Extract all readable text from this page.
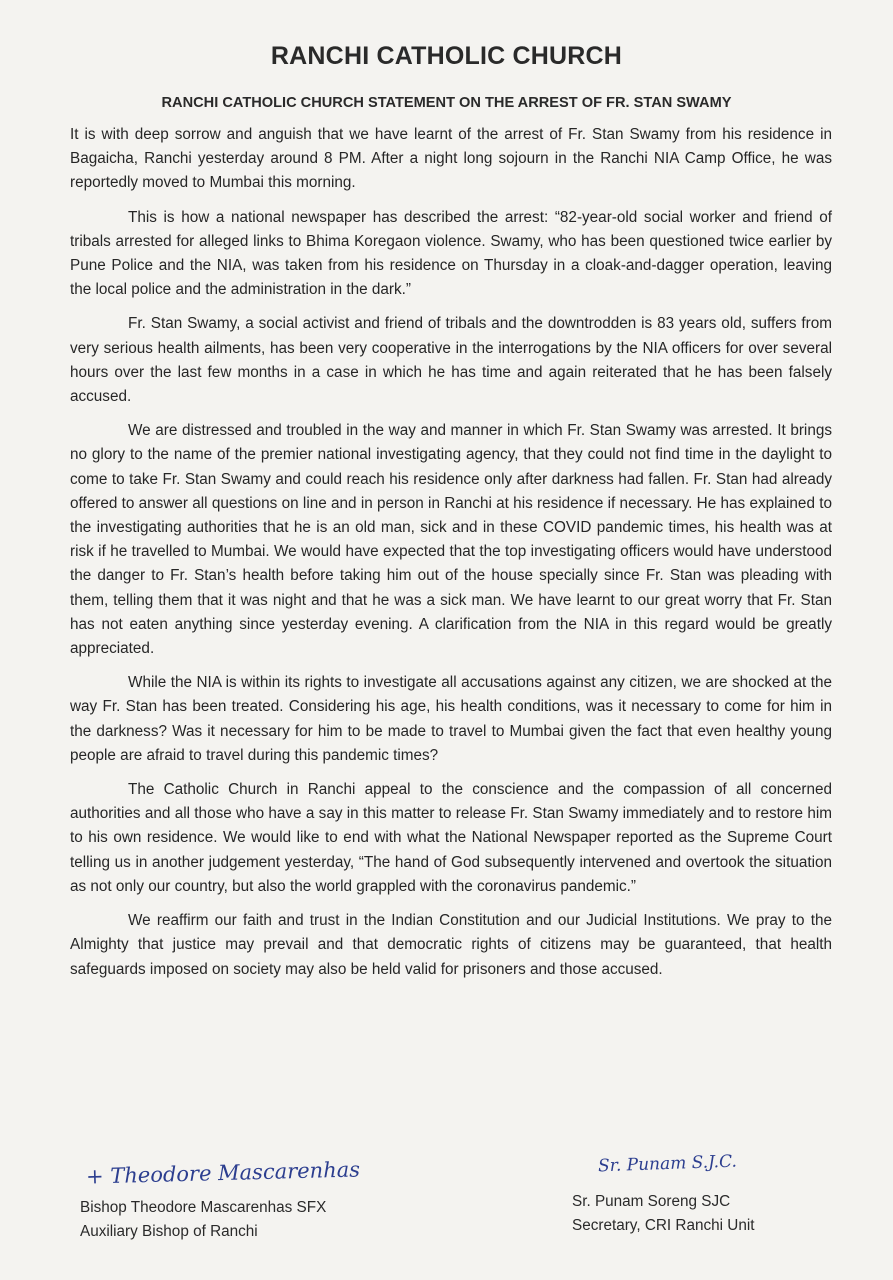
RANCHI CATHOLIC CHURCH
RANCHI CATHOLIC CHURCH STATEMENT ON THE ARREST OF FR. STAN SWAMY

It is with deep sorrow and anguish that we have learnt of the arrest of Fr. Stan Swamy from his residence in Bagaicha, Ranchi yesterday around 8 PM. After a night long sojourn in the Ranchi NIA Camp Office, he was reportedly moved to Mumbai this morning.

This is how a national newspaper has described the arrest: “82-year-old social worker and friend of tribals arrested for alleged links to Bhima Koregaon violence. Swamy, who has been questioned twice earlier by Pune Police and the NIA, was taken from his residence on Thursday in a cloak-and-dagger operation, leaving the local police and the administration in the dark.”

Fr. Stan Swamy, a social activist and friend of tribals and the downtrodden is 83 years old, suffers from very serious health ailments, has been very cooperative in the interrogations by the NIA officers for over several hours over the last few months in a case in which he has time and again reiterated that he has been falsely accused.

We are distressed and troubled in the way and manner in which Fr. Stan Swamy was arrested. It brings no glory to the name of the premier national investigating agency, that they could not find time in the daylight to come to take Fr. Stan Swamy and could reach his residence only after darkness had fallen. Fr. Stan had already offered to answer all questions on line and in person in Ranchi at his residence if necessary. He has explained to the investigating authorities that he is an old man, sick and in these COVID pandemic times, his health was at risk if he travelled to Mumbai. We would have expected that the top investigating officers would have understood the danger to Fr. Stan’s health before taking him out of the house specially since Fr. Stan was pleading with them, telling them that it was night and that he was a sick man. We have learnt to our great worry that Fr. Stan has not eaten anything since yesterday evening. A clarification from the NIA in this regard would be greatly appreciated.

While the NIA is within its rights to investigate all accusations against any citizen, we are shocked at the way Fr. Stan has been treated. Considering his age, his health conditions, was it necessary to come for him in the darkness? Was it necessary for him to be made to travel to Mumbai given the fact that even healthy young people are afraid to travel during this pandemic times?

The Catholic Church in Ranchi appeal to the conscience and the compassion of all concerned authorities and all those who have a say in this matter to release Fr. Stan Swamy immediately and to restore him to his own residence. We would like to end with what the National Newspaper reported as the Supreme Court telling us in another judgement yesterday, “The hand of God subsequently intervened and overtook the situation as not only our country, but also the world grappled with the coronavirus pandemic.”

We reaffirm our faith and trust in the Indian Constitution and our Judicial Institutions. We pray to the Almighty that justice may prevail and that democratic rights of citizens may be guaranteed, that health safeguards imposed on society may also be held valid for prisoners and those accused.

+ Theodore Mascarenhas
Bishop Theodore Mascarenhas SFX
Auxiliary Bishop of Ranchi
Sr. Punam S.J.C.
Sr. Punam Soreng SJC
Secretary, CRI Ranchi Unit
